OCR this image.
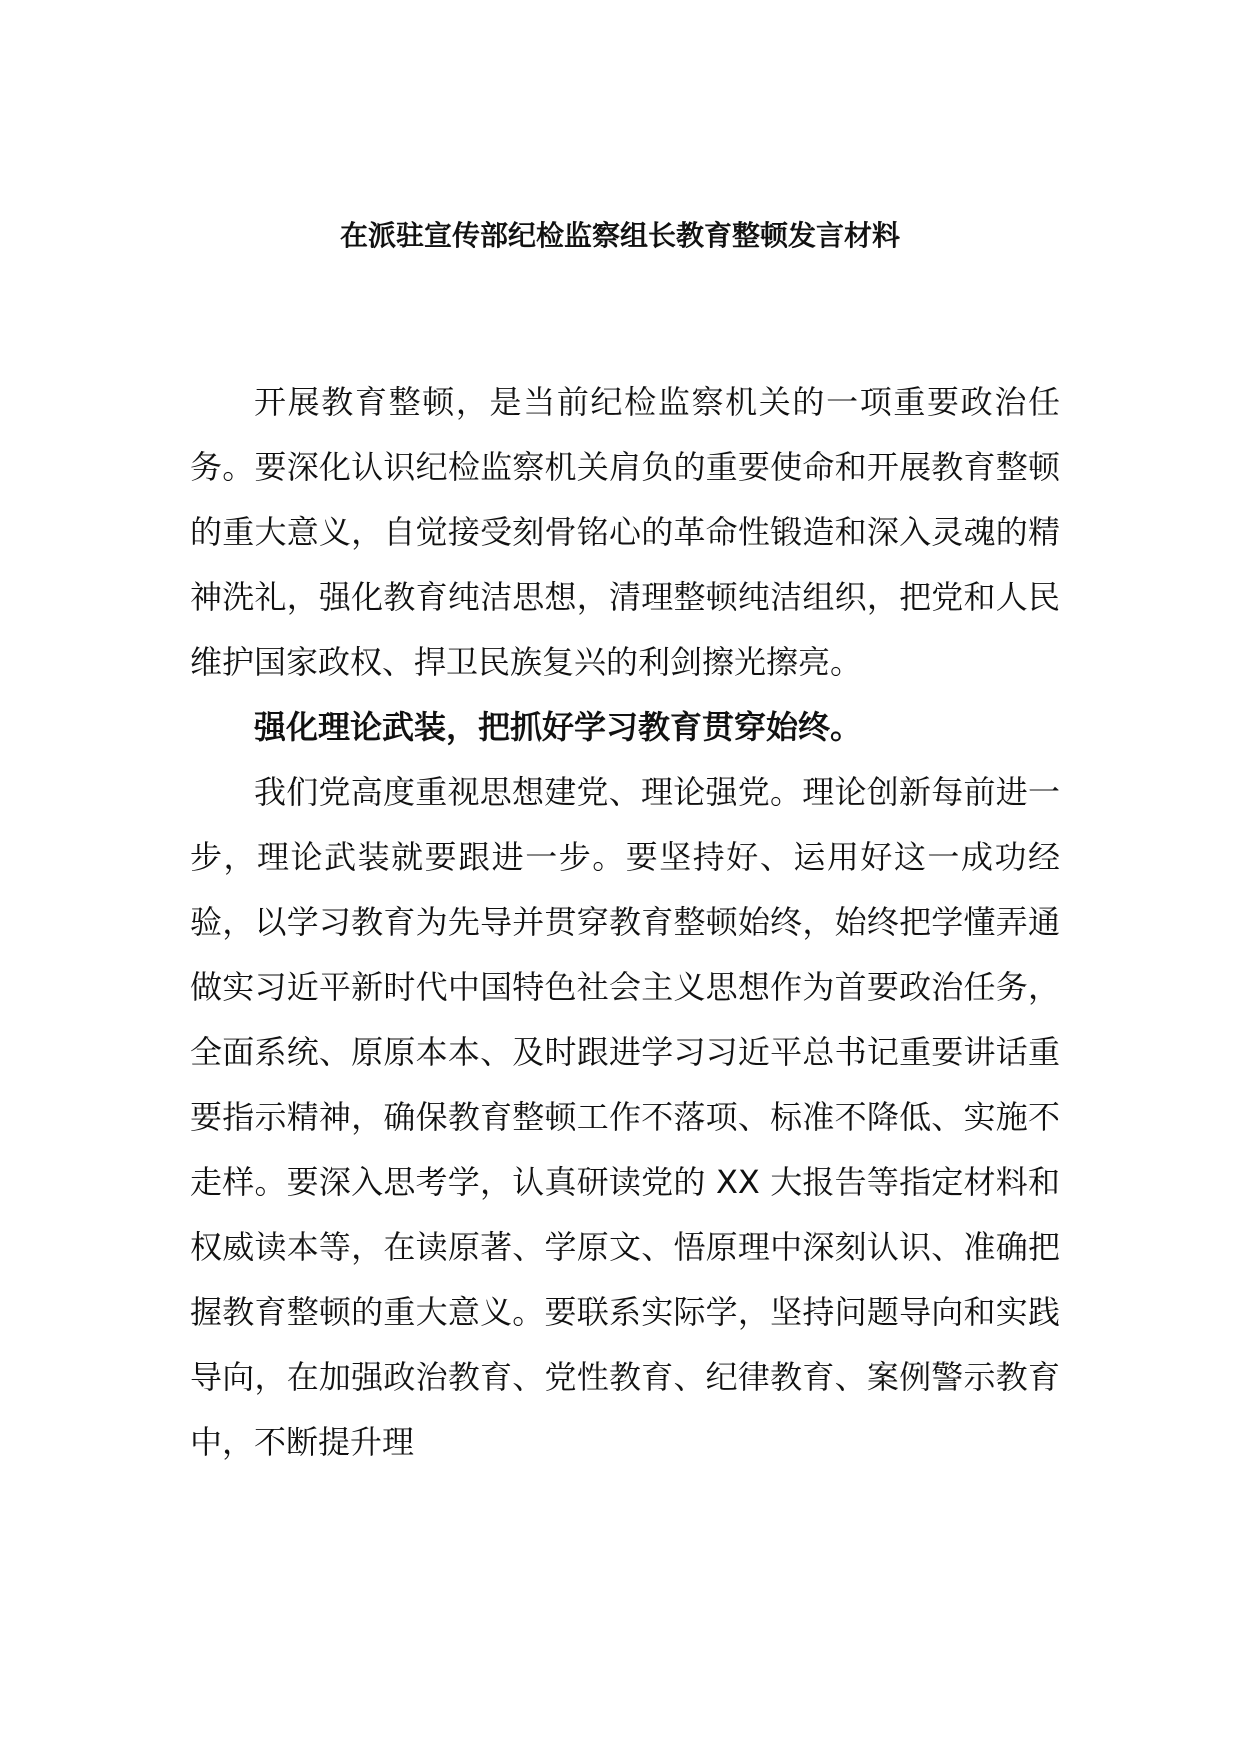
在派驻宣传部纪检监察组长教育整顿发言材料

开展教育整顿，是当前纪检监察机关的一项重要政治任务。要深化认识纪检监察机关肩负的重要使命和开展教育整顿的重大意义，自觉接受刻骨铭心的革命性锻造和深入灵魂的精神洗礼，强化教育纯洁思想，清理整顿纯洁组织，把党和人民维护国家政权、捍卫民族复兴的利剑擦光擦亮。

强化理论武装，把抓好学习教育贯穿始终。

我们党高度重视思想建党、理论强党。理论创新每前进一步，理论武装就要跟进一步。要坚持好、运用好这一成功经验，以学习教育为先导并贯穿教育整顿始终，始终把学懂弄通做实习近平新时代中国特色社会主义思想作为首要政治任务，全面系统、原原本本、及时跟进学习习近平总书记重要讲话重要指示精神，确保教育整顿工作不落项、标准不降低、实施不走样。要深入思考学，认真研读党的 XX 大报告等指定材料和权威读本等，在读原著、学原文、悟原理中深刻认识、准确把握教育整顿的重大意义。要联系实际学，坚持问题导向和实践导向，在加强政治教育、党性教育、纪律教育、案例警示教育中，不断提升理
